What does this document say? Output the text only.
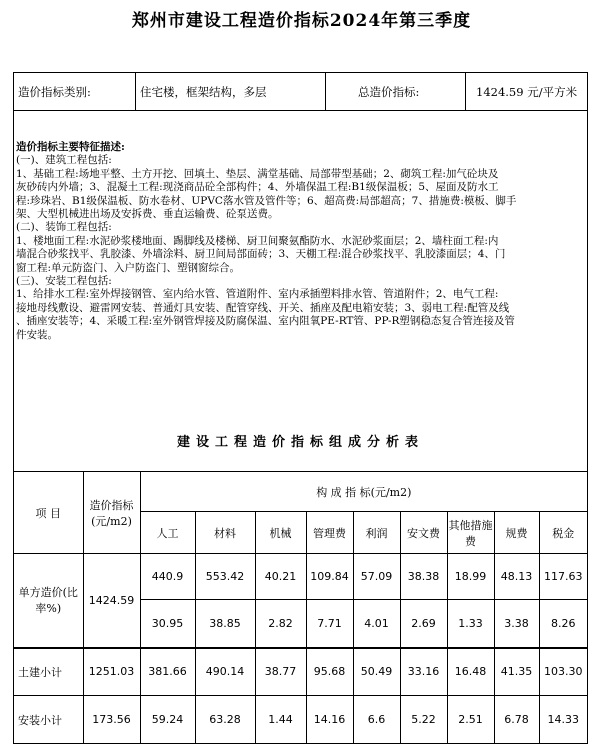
郑州市建设工程造价指标2024年第三季度
造价指标类别:	住宅楼，框架结构，多层	总造价指标:	1424.59 元/平方米
造价指标主要特征描述:
(一)、建筑工程包括:
1、基础工程:场地平整、土方开挖、回填土、垫层、满堂基础、局部带型基础；2、砌筑工程:加气砼块及
灰砂砖内外墙；3、混凝土工程:现浇商品砼全部构件；4、外墙保温工程:B1级保温板；5、屋面及防水工
程:珍珠岩、B1级保温板、防水卷材、UPVC落水管及管件等；6、超高费:局部超高；7、措施费:模板、脚手
架、大型机械进出场及安拆费、垂直运输费、砼泵送费。
(二)、装饰工程包括:
1、楼地面工程:水泥砂浆楼地面、踢脚线及楼梯、厨卫间聚氨酯防水、水泥砂浆面层；2、墙柱面工程:内
墙混合砂浆找平、乳胶漆、外墙涂料、厨卫间局部面砖；3、天棚工程:混合砂浆找平、乳胶漆面层；4、门
窗工程:单元防盗门、入户防盗门、塑钢窗综合。
(三)、安装工程包括:
1、给排水工程:室外焊接钢管、室内给水管、管道附件、室内承插塑料排水管、管道附件；2、电气工程:
接地母线敷设、避雷网安装、普通灯具安装、配管穿线、开关、插座及配电箱安装；3、弱电工程:配管及线
、插座安装等；4、采暖工程:室外钢管焊接及防腐保温、室内阻氧PE-RT管、PP-R塑钢稳态复合管连接及管
件安装。
建设工程造价指标组成分析表
项 目	造价指标(元/m2)	构 成 指 标(元/m2)								
		人工	材料	机械	管理费	利润	安文费	其他措施费	规费	税金
单方造价(比率%)	1424.59	440.9	553.42	40.21	109.84	57.09	38.38	18.99	48.13	117.63
		30.95	38.85	2.82	7.71	4.01	2.69	1.33	3.38	8.26
土建小计	1251.03	381.66	490.14	38.77	95.68	50.49	33.16	16.48	41.35	103.30
安装小计	173.56	59.24	63.28	1.44	14.16	6.6	5.22	2.51	6.78	14.33
